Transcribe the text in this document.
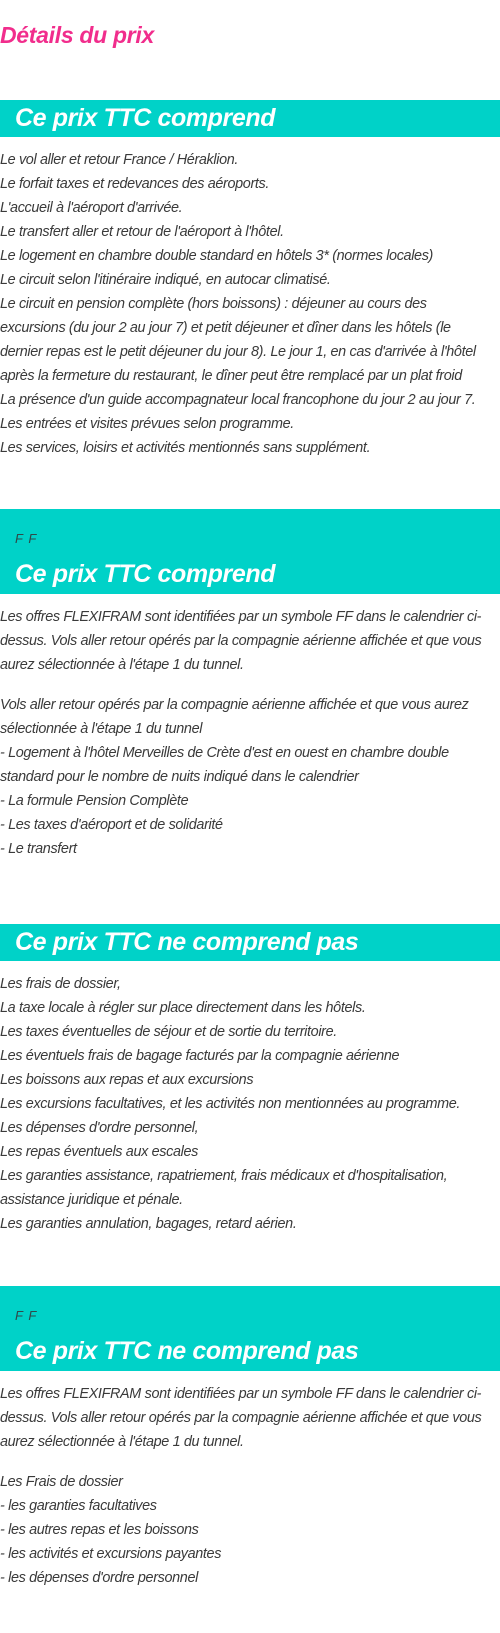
Détails du prix
Ce prix TTC comprend
Le vol aller et retour France / Héraklion.
Le forfait taxes et redevances des aéroports.
L'accueil à l'aéroport d'arrivée.
Le transfert aller et retour de l'aéroport à l'hôtel.
Le logement en chambre double standard en hôtels 3* (normes locales)
Le circuit selon l'itinéraire indiqué, en autocar climatisé.
Le circuit en pension complète (hors boissons) : déjeuner au cours des
excursions (du jour 2 au jour 7) et petit déjeuner et dîner dans les hôtels (le
dernier repas est le petit déjeuner du jour 8). Le jour 1, en cas d'arrivée à l'hôtel
après la fermeture du restaurant, le dîner peut être remplacé par un plat froid
La présence d'un guide accompagnateur local francophone du jour 2 au jour 7.
Les entrées et visites prévues selon programme.
Les services, loisirs et activités mentionnés sans supplément.
F F
Ce prix TTC comprend
Les offres FLEXIFRAM sont identifiées par un symbole FF dans le calendrier ci-
dessus. Vols aller retour opérés par la compagnie aérienne affichée et que vous
aurez sélectionnée à l'étape 1 du tunnel.
Vols aller retour opérés par la compagnie aérienne affichée et que vous aurez
sélectionnée à l'étape 1 du tunnel
- Logement à l'hôtel Merveilles de Crète d'est en ouest en chambre double
standard pour le nombre de nuits indiqué dans le calendrier
- La formule Pension Complète
- Les taxes d'aéroport et de solidarité
- Le transfert
Ce prix TTC ne comprend pas
Les frais de dossier,
La taxe locale à régler sur place directement dans les hôtels.
Les taxes éventuelles de séjour et de sortie du territoire.
Les éventuels frais de bagage facturés par la compagnie aérienne
Les boissons aux repas et aux excursions
Les excursions facultatives, et les activités non mentionnées au programme.
Les dépenses d'ordre personnel,
Les repas éventuels aux escales
Les garanties assistance, rapatriement, frais médicaux et d'hospitalisation,
assistance juridique et pénale.
Les garanties annulation, bagages, retard aérien.
F F
Ce prix TTC ne comprend pas
Les offres FLEXIFRAM sont identifiées par un symbole FF dans le calendrier ci-
dessus. Vols aller retour opérés par la compagnie aérienne affichée et que vous
aurez sélectionnée à l'étape 1 du tunnel.
Les Frais de dossier
- les garanties facultatives
- les autres repas et les boissons
- les activités et excursions payantes
- les dépenses d'ordre personnel
